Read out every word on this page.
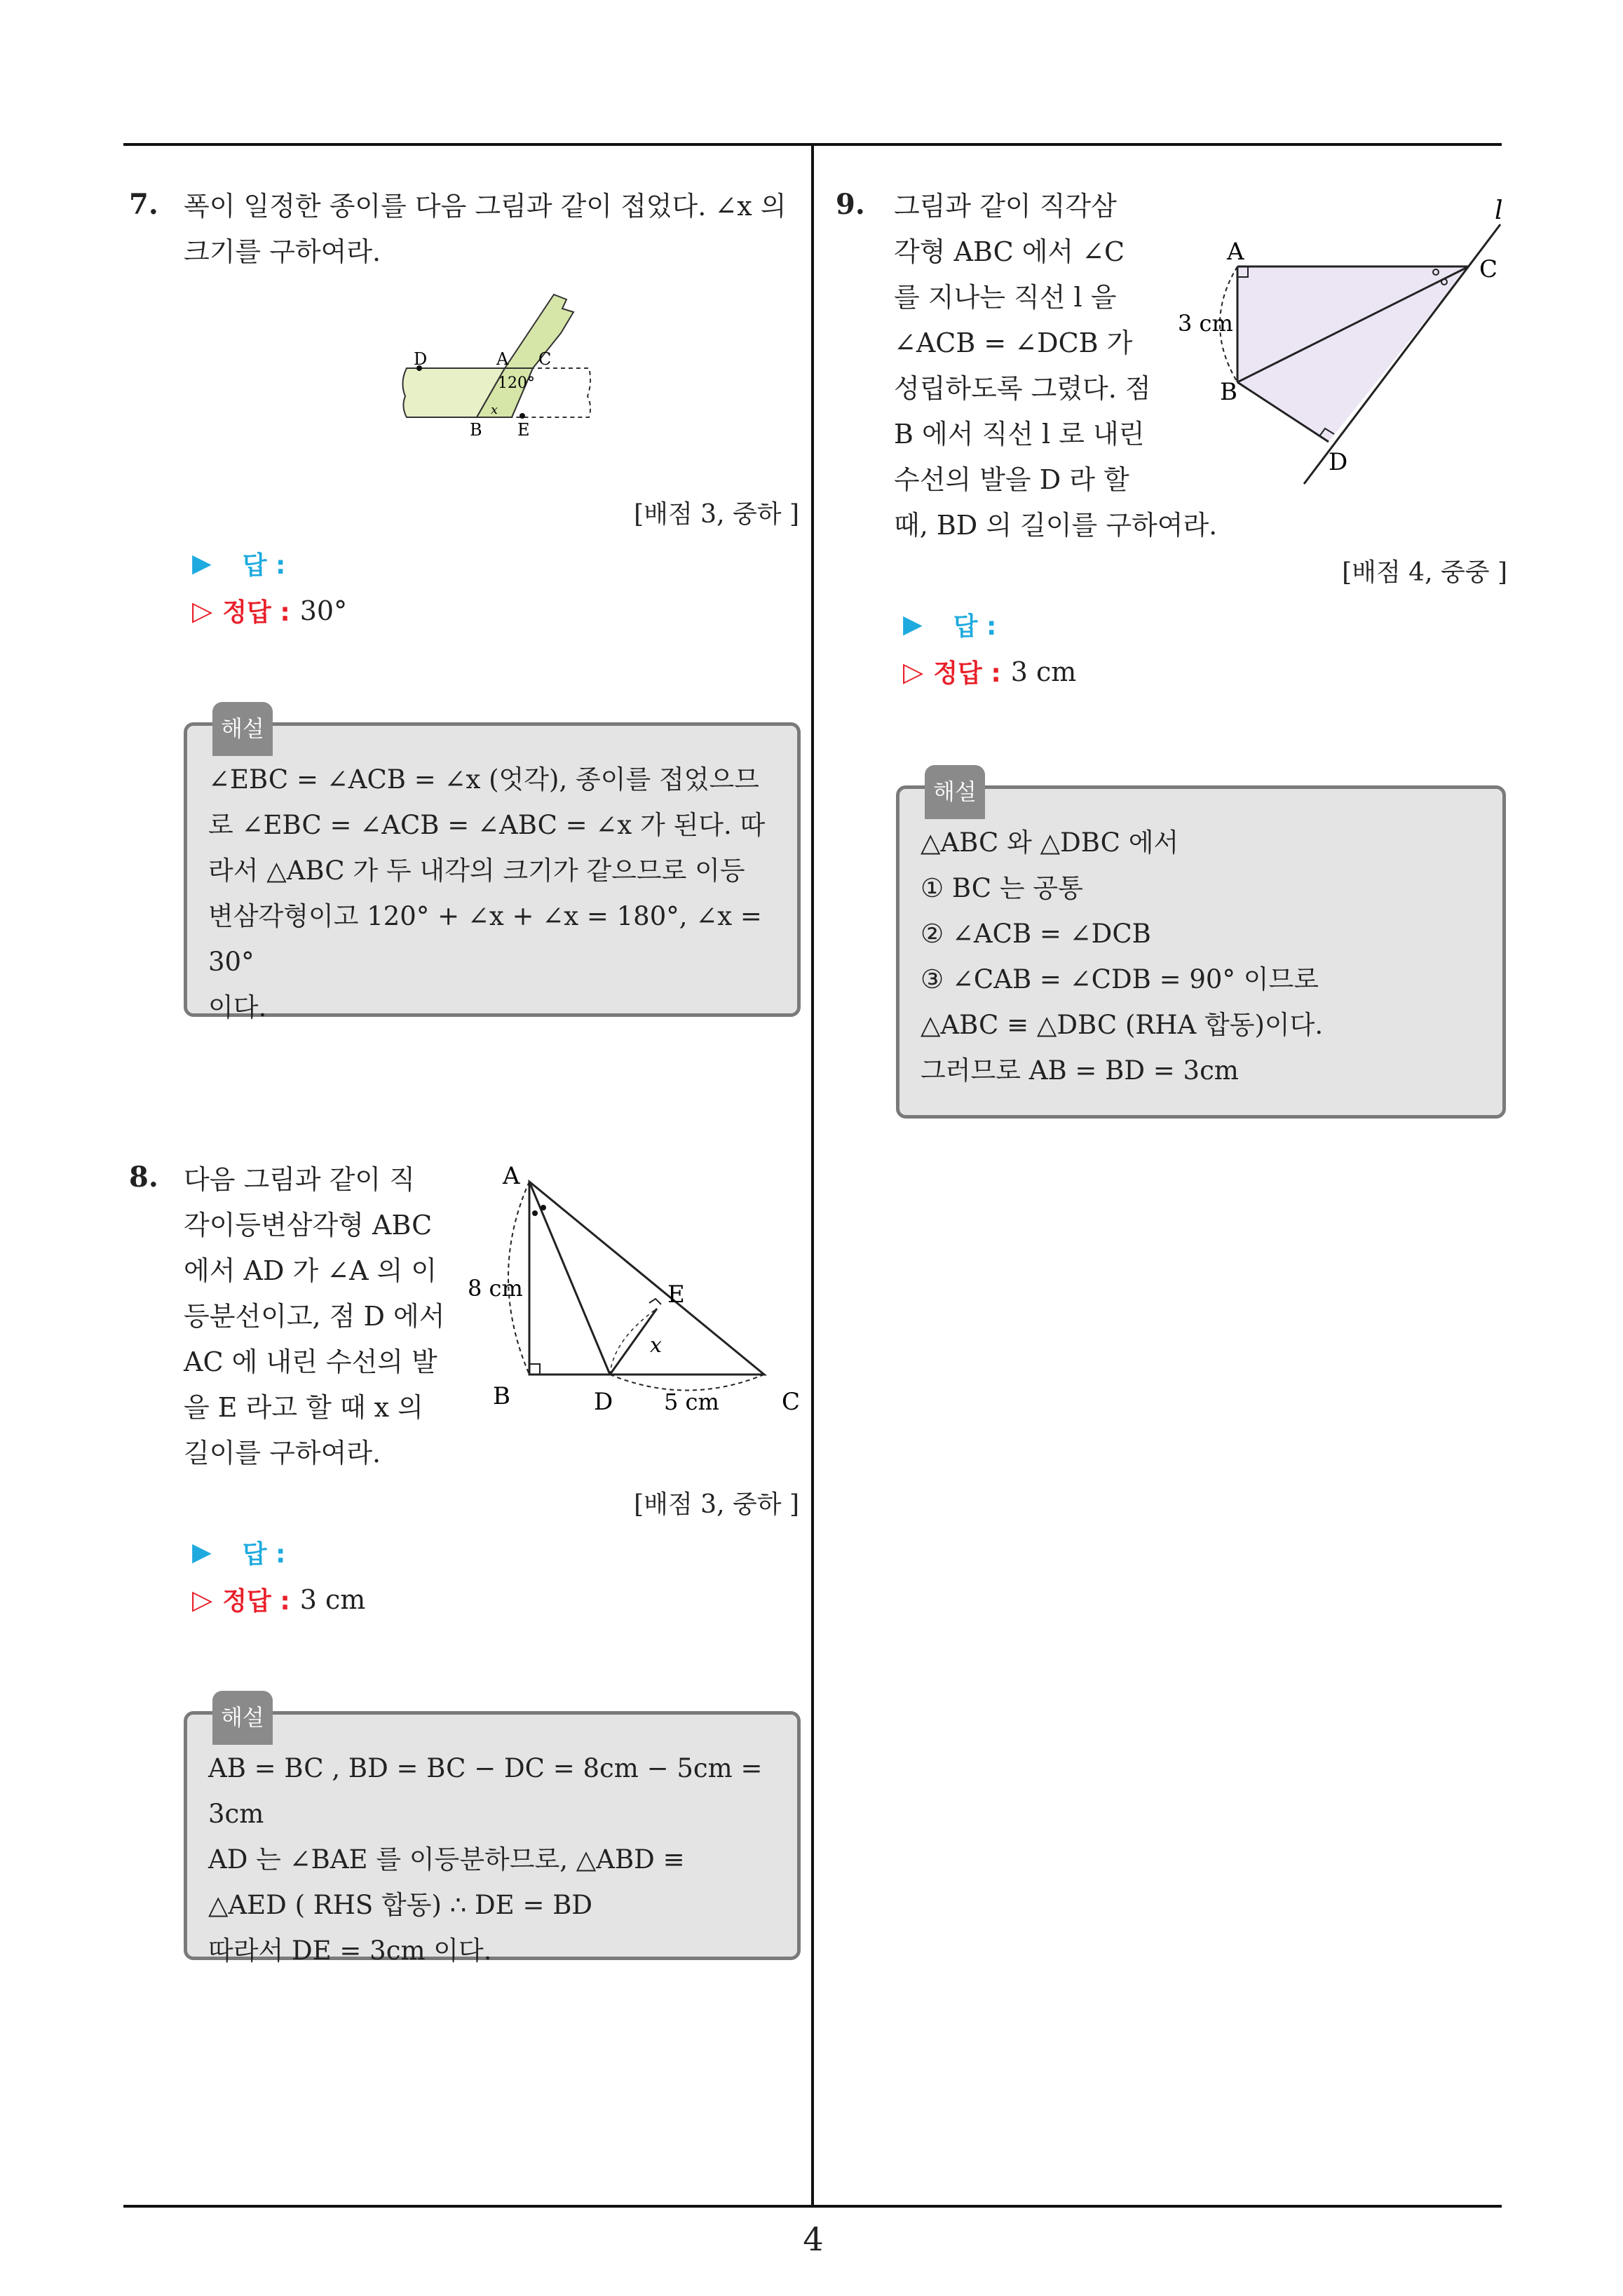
4
7. 폭이 일정한 종이를 다음 그림과 같이 접었다. ∠x 의
크기를 구하여라.
D	A C
120°
x
B E
[배점 3, 중하 ]
▶ 답 :
▷ 정답 : 30°
해설
∠EBC = ∠ACB = ∠x (엇각), 종이를 접었으므
로 ∠EBC = ∠ACB = ∠ABC = ∠x 가 된다. 따
라서 △ABC 가 두 내각의 크기가 같으므로 이등
변삼각형이고 120° + ∠x + ∠x = 180°, ∠x = 30°
이다.
8. 다음 그림과 같이 직
각이등변삼각형 ABC
에서 AD 가 ∠A 의 이
등분선이고, 점 D 에서
AC 에 내린 수선의 발
을 E 라고 할 때 x 의
길이를 구하여라.
A
B	C
D
E
x
8 cm
5 cm
[배점 3, 중하 ]
▶ 답 :
▷ 정답 : 3 cm
해설
AB = BC , BD = BC − DC = 8cm − 5cm = 3cm
AD 는 ∠BAE 를 이등분하므로, △ABD ≡
△AED ( RHS 합동) ∴ DE = BD
따라서 DE = 3cm 이다.
9. 그림과 같이 직각삼
각형 ABC 에서 ∠C
를 지나는 직선 l 을
∠ACB = ∠DCB 가
성립하도록 그렸다. 점
B 에서 직선 l 로 내린
수선의 발을 D 라 할
때, BD 의 길이를 구하여라.
l
A
C
B
D
3 cm
[배점 4, 중중 ]
▶ 답 :
▷ 정답 : 3 cm
해설
△ABC 와 △DBC 에서
① BC 는 공통
② ∠ACB = ∠DCB
③ ∠CAB = ∠CDB = 90° 이므로
△ABC ≡ △DBC (RHA 합동)이다.
그러므로 AB = BD = 3cm
